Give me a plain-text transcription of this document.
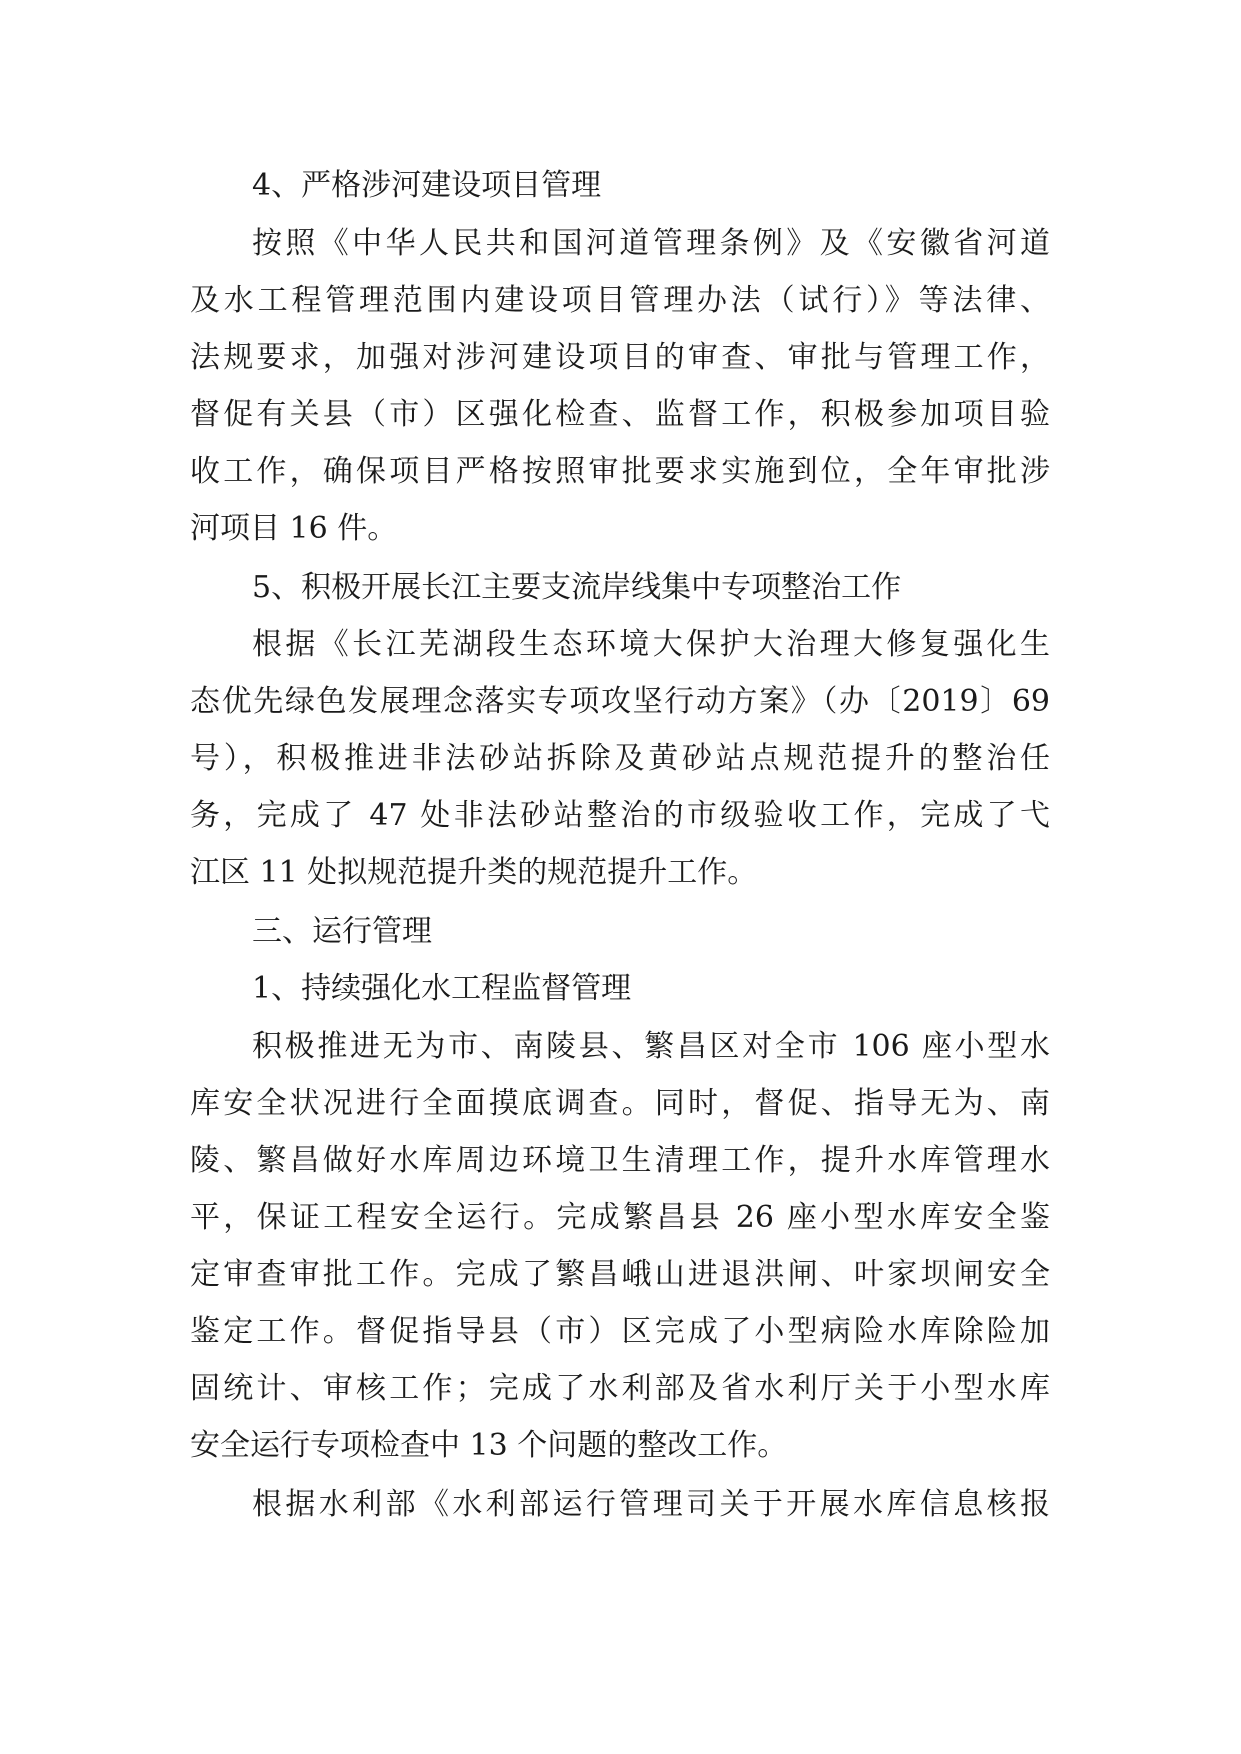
4、严格涉河建设项目管理
按照《中华人民共和国河道管理条例》及《安徽省河道
及水工程管理范围内建设项目管理办法（试行）》等法律、
法规要求，加强对涉河建设项目的审查、审批与管理工作，
督促有关县（市）区强化检查、监督工作，积极参加项目验
收工作，确保项目严格按照审批要求实施到位，全年审批涉
河项目 16 件。
5、积极开展长江主要支流岸线集中专项整治工作
根据《长江芜湖段生态环境大保护大治理大修复强化生
态优先绿色发展理念落实专项攻坚行动方案》（办〔2019〕69
号），积极推进非法砂站拆除及黄砂站点规范提升的整治任
务，完成了 47 处非法砂站整治的市级验收工作，完成了弋
江区 11 处拟规范提升类的规范提升工作。
三、运行管理
1、持续强化水工程监督管理
积极推进无为市、南陵县、繁昌区对全市 106 座小型水
库安全状况进行全面摸底调查。同时，督促、指导无为、南
陵、繁昌做好水库周边环境卫生清理工作，提升水库管理水
平，保证工程安全运行。完成繁昌县 26 座小型水库安全鉴
定审查审批工作。完成了繁昌峨山进退洪闸、叶家坝闸安全
鉴定工作。督促指导县（市）区完成了小型病险水库除险加
固统计、审核工作；完成了水利部及省水利厅关于小型水库
安全运行专项检查中 13 个问题的整改工作。
根据水利部《水利部运行管理司关于开展水库信息核报
